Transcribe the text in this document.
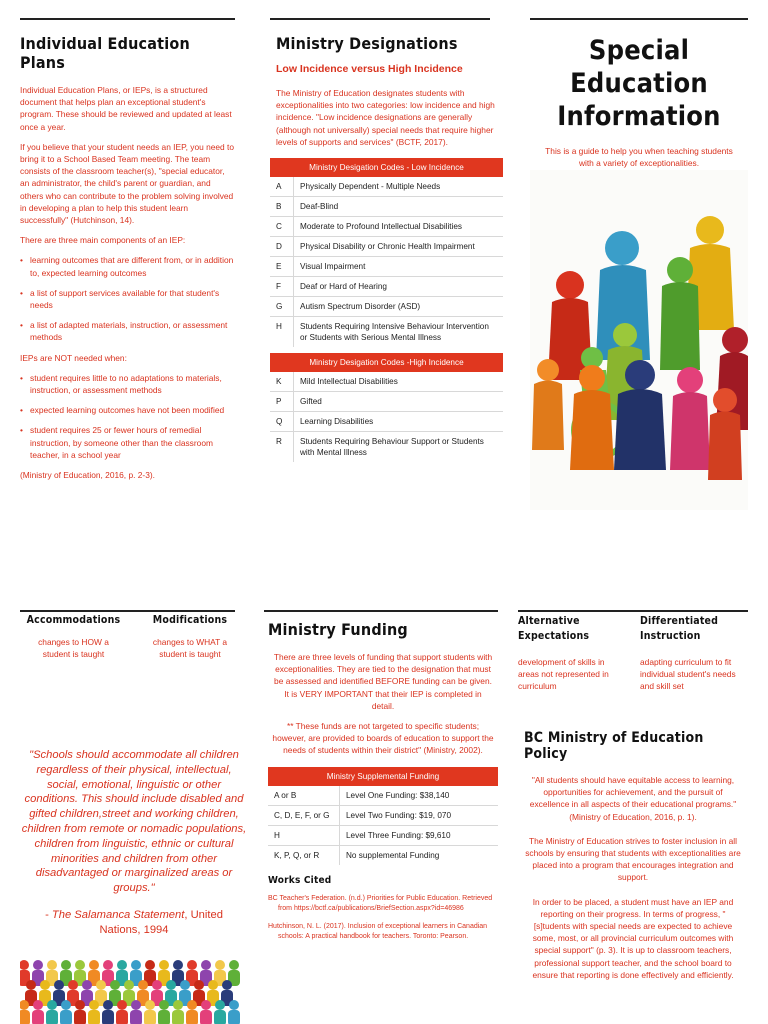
Individual Education Plans
Individual Education Plans, or IEPs, is a structured document that helps plan an exceptional student's program. These should be reviewed and updated at least once a year.
If you believe that your student needs an IEP, you need to bring it to a School Based Team meeting. The team consists of the classroom teacher(s), "special educator, an administrator, the child's parent or guardian, and others who can contribute to the problem solving involved in developing a plan to help this student learn successfully" (Hutchinson, 14).
There are three main components of an IEP:
• learning outcomes that are different from, or in addition to, expected learning outcomes
• a list of support services available for that student's needs
• a list of adapted materials, instruction, or assessment methods
IEPs are NOT needed when:
• student requires little to no adaptations to materials, instruction, or assessment methods
• expected learning outcomes have not been modified
• student requires 25 or fewer hours of remedial instruction, by someone other than the classroom teacher, in a school year
(Ministry of Education, 2016, p. 2-3).
Ministry Designations
Low Incidence versus High Incidence
The Ministry of Education designates students with exceptionalities into two categories: low incidence and high incidence. "Low incidence designations are generally (although not universally) special needs that require higher levels of supports and services" (BCTF, 2017).
Ministry Desigation Codes - Low Incidence
A	Physically Dependent - Multiple Needs
B	Deaf-Blind
C	Moderate to Profound Intellectual Disabilities
D	Physical Disability or Chronic Health Impairment
E	Visual Impairment
F	Deaf or Hard of Hearing
G	Autism Spectrum Disorder (ASD)
H	Students Requiring Intensive Behaviour Intervention or Students with Serious Mental Illness
Ministry Desigation Codes -High Incidence
K	Mild Intellectual Disabilities
P	Gifted
Q	Learning Disabilities
R	Students Requiring Behaviour Support or Students with Mental Illness
Special Education
Information
This is a guide to help you when teaching students with a variety of exceptionalities.
Accommodations
changes to HOW a student is taught
Modifications
changes to WHAT a student is taught
"Schools should accommodate all children regardless of their physical, intellectual, social, emotional, linguistic or other conditions. This should include disabled and gifted children,street and working children, children from remote or nomadic populations, children from linguistic, ethnic or cultural minorities and children from other disadvantaged or marginalized areas or groups."
- The Salamanca Statement, United Nations, 1994
Ministry Funding
There are three levels of funding that support students with exceptionalities. They are tied to the designation that must be assessed and identified BEFORE funding can be given. It is VERY IMPORTANT that their IEP is completed in detail.
** These funds are not targeted to specific students; however, are provided to boards of education to support the needs of students within their district" (Ministry, 2002).
Ministry Supplemental Funding
A or B	Level One Funding: $38,140
C, D, E, F, or G	Level Two Funding: $19, 070
H	Level Three Funding: $9,610
K, P, Q, or R	No supplemental Funding
Works Cited
BC Teacher's Federation. (n.d.) Priorities for Public Education. Retrieved from https://bctf.ca/publications/BriefSection.aspx?id=46986
Hutchinson, N. L. (2017). Inclusion of exceptional learners in Canadian schools: A practical handbook for teachers. Toronto: Pearson.
Alternative Expectations
development of skills in areas not represented in curriculum
Differentiated Instruction
adapting curriculum to fit individual student's needs and skill set
BC Ministry of Education Policy
"All students should have equitable access to learning, opportunities for achievement, and the pursuit of excellence in all aspects of their educational programs." (Ministry of Education, 2016, p. 1).
The Ministry of Education strives to foster inclusion in all schools by ensuring that students with exceptionalities are placed into a program that encourages integration and support.
In order to be placed, a student must have an IEP and reporting on their progress. In terms of progress, "[s]tudents with special needs are expected to achieve some, most, or all provincial curriculum outcomes with special support" (p. 3). It is up to classroom teachers, professional support teacher, and the school board to ensure that reporting is done effectively and efficiently.
